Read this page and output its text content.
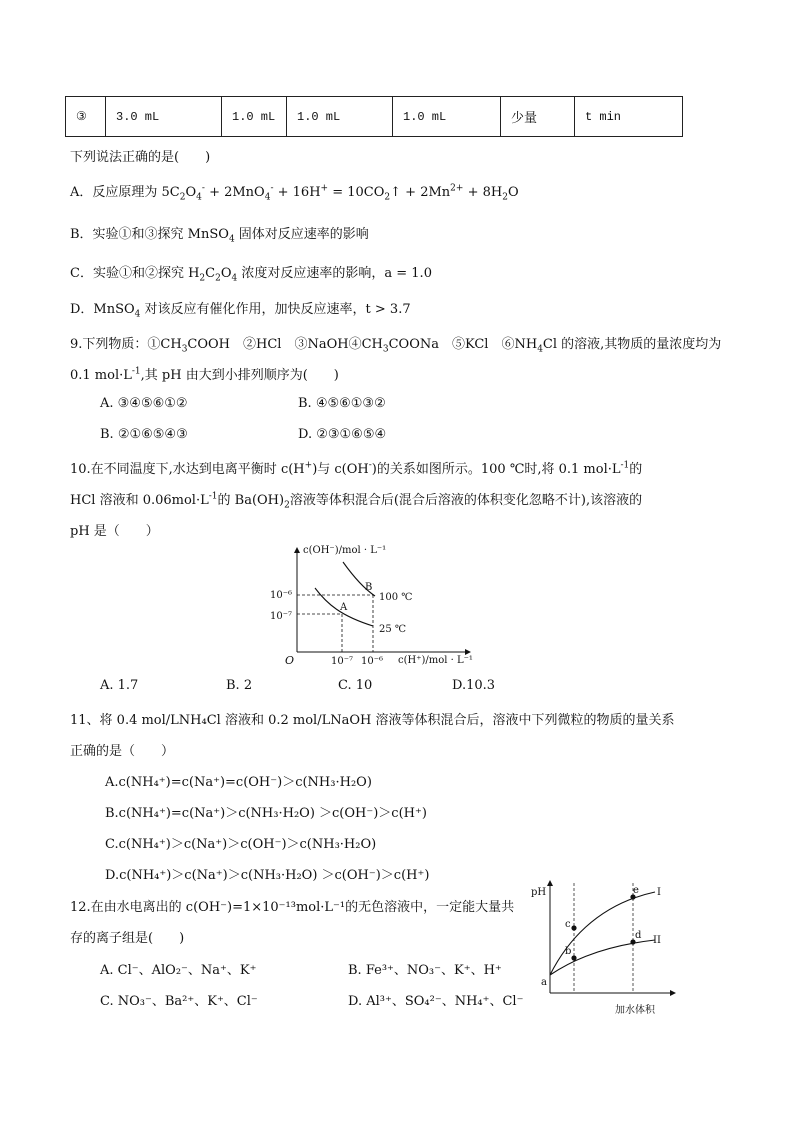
③	3.0 mL	1.0 mL	1.0 mL	1.0 mL	少量	t min
下列说法正确的是(　　)
A．反应原理为 $5C_2O_4^- + 2MnO_4^- + 16H^+$ = $10CO_2↑ + 2Mn^{2+} + 8H_2O$
B．实验①和③探究 MnSO$_4$ 固体对反应速率的影响
C．实验①和②探究 $H_2C_2O_4$ 浓度对反应速率的影响，a = 1.0
D．MnSO$_4$ 对该反应有催化作用，加快反应速率，t > 3.7
9.下列物质：$①CH_3COOH$　②HCl　$③NaOH④CH_3COONa$　⑤KCl　$⑥NH_4Cl$ 的溶液,其物质的量浓度均为
0.1 $mol\cdot L^{-1}$,其 pH 由大到小排列顺序为(　　)
A. ③④⑤⑥①②	B. ④⑤⑥①③②
B. ②①⑥⑤④③	D. ②③①⑥⑤④
10.在不同温度下,水达到电离平衡时 c(H+)与 c(OH-)的关系如图所示。100 ℃时,将 0.1 $mol\cdot L^{-1}$的
HCl 溶液和 $0.06mol\cdot L^{-1}$的 $Ba(OH)_2$溶液等体积混合后(混合后溶液的体积变化忽略不计),该溶液的
pH 是（　　）
c(OH⁻)/mol · L⁻¹
c(H⁺)/mol · L⁻¹
O
10⁻⁶
10⁻⁷
10⁻⁷ 10⁻⁶
B
A
100 ℃
25 ℃
A. 1.7	B. 2	C. 10	D.10.3
11、将 0.4 mol/LNH₄Cl 溶液和 0.2 mol/LNaOH 溶液等体积混合后，溶液中下列微粒的物质的量关系
正确的是（　　）
A.c(NH₄⁺)=c(Na⁺)=c(OH⁻)＞c(NH₃·H₂O)
B.c(NH₄⁺)=c(Na⁺)＞c(NH₃·H₂O) ＞c(OH⁻)＞c(H⁺)
C.c(NH₄⁺)＞c(Na⁺)＞c(OH⁻)＞c(NH₃·H₂O)
D.c(NH₄⁺)＞c(Na⁺)＞c(NH₃·H₂O) ＞c(OH⁻)＞c(H⁺)
12.在由水电离出的 c(OH⁻)=1×10⁻¹³mol·L⁻¹的无色溶液中，一定能大量共
存的离子组是(　　)
A. Cl⁻、AlO₂⁻、Na⁺、K⁺	B. Fe³⁺、NO₃⁻、K⁺、H⁺
C. NO₃⁻、Ba²⁺、K⁺、Cl⁻	D. Al³⁺、SO₄²⁻、NH₄⁺、Cl⁻
pH
加水体积
a
b
c
d
e I
II
